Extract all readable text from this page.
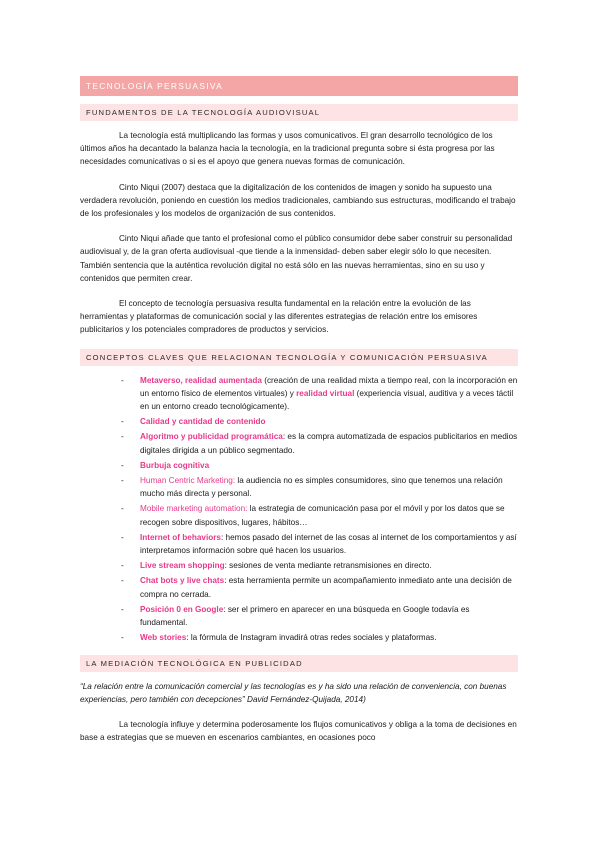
TECNOLOGÍA PERSUASIVA
FUNDAMENTOS DE LA TECNOLOGÍA AUDIOVISUAL

La tecnología está multiplicando las formas y usos comunicativos. El gran desarrollo tecnológico de los últimos años ha decantado la balanza hacia la tecnología, en la tradicional pregunta sobre si ésta progresa por las necesidades comunicativas o si es el apoyo que genera nuevas formas de comunicación.

Cinto Niqui (2007) destaca que la digitalización de los contenidos de imagen y sonido ha supuesto una verdadera revolución, poniendo en cuestión los medios tradicionales, cambiando sus estructuras, modificando el trabajo de los profesionales y los modelos de organización de sus contenidos.

Cinto Niqui añade que tanto el profesional como el público consumidor debe saber construir su personalidad audiovisual y, de la gran oferta audiovisual -que tiende a la inmensidad- deben saber elegir sólo lo que necesiten. También sentencia que la auténtica revolución digital no está sólo en las nuevas herramientas, sino en su uso y contenidos que permiten crear.

El concepto de tecnología persuasiva resulta fundamental en la relación entre la evolución de las herramientas y plataformas de comunicación social y las diferentes estrategias de relación entre los emisores publicitarios y los potenciales compradores de productos y servicios.

CONCEPTOS CLAVES QUE RELACIONAN TECNOLOGÍA Y COMUNICACIÓN PERSUASIVA
- Metaverso, realidad aumentada (creación de una realidad mixta a tiempo real, con la incorporación en un entorno físico de elementos virtuales) y realidad virtual (experiencia visual, auditiva y a veces táctil en un entorno creado tecnológicamente).
- Calidad y cantidad de contenido
- Algoritmo y publicidad programática: es la compra automatizada de espacios publicitarios en medios digitales dirigida a un público segmentado.
- Burbuja cognitiva
- Human Centric Marketing: la audiencia no es simples consumidores, sino que tenemos una relación mucho más directa y personal.
- Mobile marketing automation: la estrategia de comunicación pasa por el móvil y por los datos que se recogen sobre dispositivos, lugares, hábitos…
- Internet of behaviors: hemos pasado del internet de las cosas al internet de los comportamientos y así interpretamos información sobre qué hacen los usuarios.
- Live stream shopping: sesiones de venta mediante retransmisiones en directo.
- Chat bots y live chats: esta herramienta permite un acompañamiento inmediato ante una decisión de compra no cerrada.
- Posición 0 en Google: ser el primero en aparecer en una búsqueda en Google todavía es fundamental.
- Web stories: la fórmula de Instagram invadirá otras redes sociales y plataformas.
LA MEDIACIÓN TECNOLÓGICA EN PUBLICIDAD

“La relación entre la comunicación comercial y las tecnologías es y ha sido una relación de conveniencia, con buenas experiencias, pero también con decepciones” David Fernández-Quijada, 2014)

La tecnología influye y determina poderosamente los flujos comunicativos y obliga a la toma de decisiones en base a estrategias que se mueven en escenarios cambiantes, en ocasiones poco
